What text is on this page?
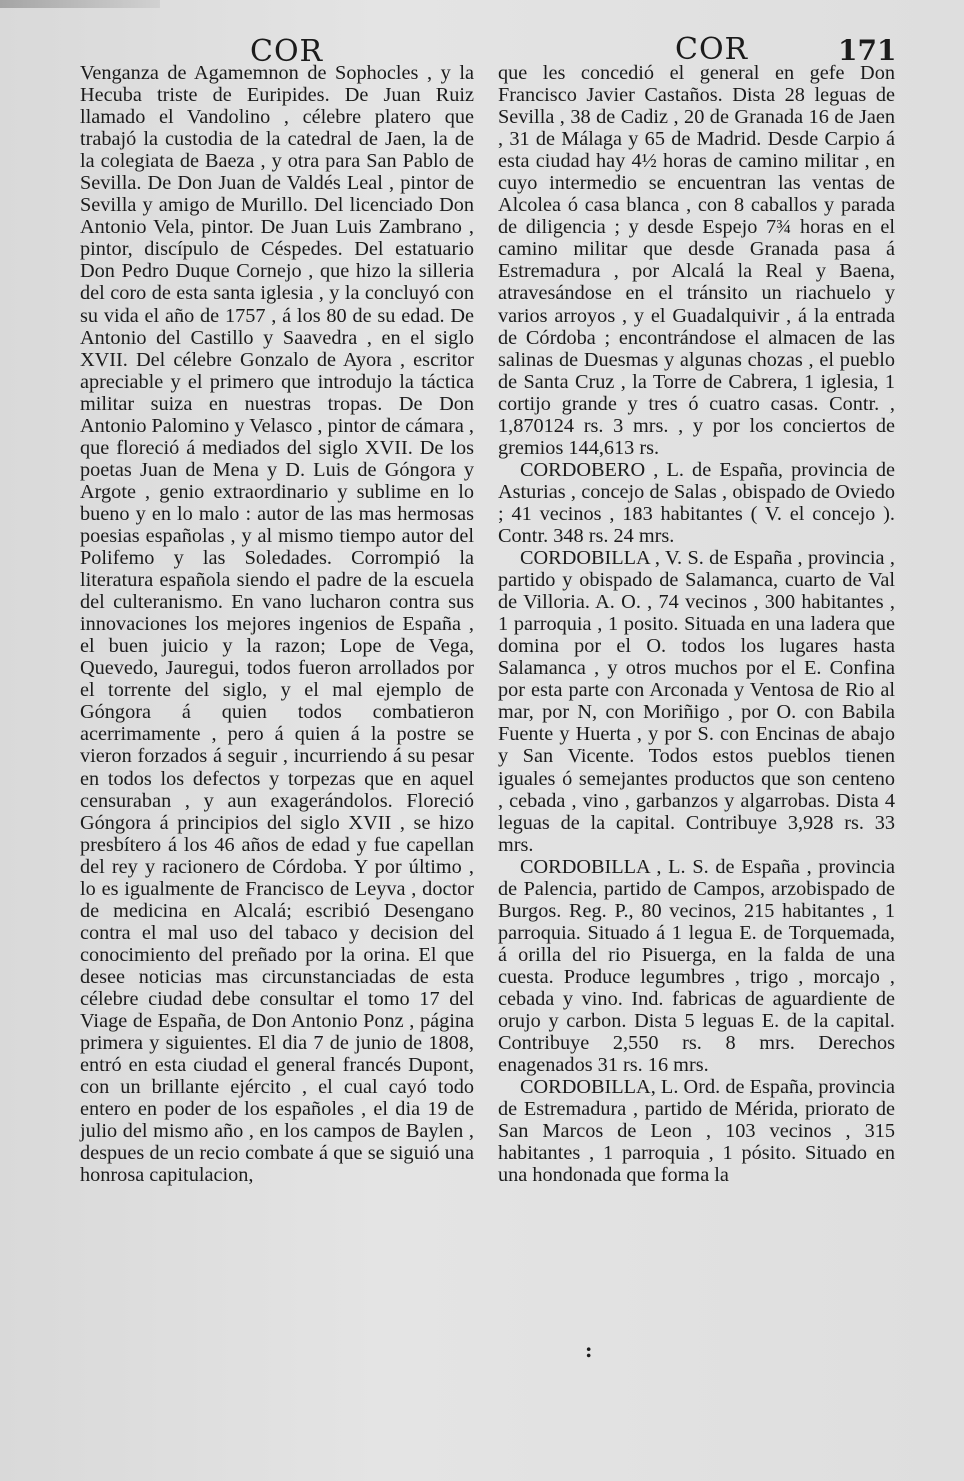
COR	COR	171

Venganza de Agamemnon de Sophocles , y la Hecuba triste de Euripides. De Juan Ruiz llamado el Vandolino , célebre platero que trabajó la custodia de la catedral de Jaen, la de la colegiata de Baeza , y otra para San Pablo de Sevilla. De Don Juan de Valdés Leal , pintor de Sevilla y amigo de Murillo. Del licenciado Don Antonio Vela, pintor. De Juan Luis Zambrano , pintor, discípulo de Céspedes. Del estatuario Don Pedro Duque Cornejo , que hizo la silleria del coro de esta santa iglesia , y la concluyó con su vida el año de 1757 , á los 80 de su edad. De Antonio del Castillo y Saavedra , en el siglo XVII. Del célebre Gonzalo de Ayora , escritor apreciable y el primero que introdujo la táctica militar suiza en nuestras tropas. De Don Antonio Palomino y Velasco , pintor de cámara , que floreció á mediados del siglo XVII. De los poetas Juan de Mena y D. Luis de Góngora y Argote , genio extraordinario y sublime en lo bueno y en lo malo : autor de las mas hermosas poesias españolas , y al mismo tiempo autor del Polifemo y las Soledades. Corrompió la literatura española siendo el padre de la escuela del culteranismo. En vano lucharon contra sus innovaciones los mejores ingenios de España , el buen juicio y la razon; Lope de Vega, Quevedo, Jauregui, todos fueron arrollados por el torrente del siglo, y el mal ejemplo de Góngora á quien todos combatieron acerrimamente , pero á quien á la postre se vieron forzados á seguir , incurriendo á su pesar en todos los defectos y torpezas que en aquel censuraban , y aun exagerándolos. Floreció Góngora á principios del siglo XVII , se hizo presbítero á los 46 años de edad y fue capellan del rey y racionero de Córdoba. Y por último , lo es igualmente de Francisco de Leyva , doctor de medicina en Alcalá; escribió Desengano contra el mal uso del tabaco y decision del conocimiento del preñado por la orina. El que desee noticias mas circunstanciadas de esta célebre ciudad debe consultar el tomo 17 del Viage de España, de Don Antonio Ponz , página primera y siguientes. El dia 7 de junio de 1808, entró en esta ciudad el general francés Dupont, con un brillante ejército , el cual cayó todo entero en poder de los españoles , el dia 19 de julio del mismo año , en los campos de Baylen , despues de un recio combate á que se siguió una honrosa capitulacion,

que les concedió el general en gefe Don Francisco Javier Castaños. Dista 28 leguas de Sevilla , 38 de Cadiz , 20 de Granada 16 de Jaen , 31 de Málaga y 65 de Madrid. Desde Carpio á esta ciudad hay 4½ horas de camino militar , en cuyo intermedio se encuentran las ventas de Alcolea ó casa blanca , con 8 caballos y parada de diligencia ; y desde Espejo 7¾ horas en el camino militar que desde Granada pasa á Estremadura , por Alcalá la Real y Baena, atravesándose en el tránsito un riachuelo y varios arroyos , y el Guadalquivir , á la entrada de Córdoba ; encontrándose el almacen de las salinas de Duesmas y algunas chozas , el pueblo de Santa Cruz , la Torre de Cabrera, 1 iglesia, 1 cortijo grande y tres ó cuatro casas. Contr. , 1,870124 rs. 3 mrs. , y por los conciertos de gremios 144,613 rs.

CORDOBERO , L. de España, provincia de Asturias , concejo de Salas , obispado de Oviedo ; 41 vecinos , 183 habitantes ( V. el concejo ). Contr. 348 rs. 24 mrs.

CORDOBILLA , V. S. de España , provincia , partido y obispado de Salamanca, cuarto de Val de Villoria. A. O. , 74 vecinos , 300 habitantes , 1 parroquia , 1 posito. Situada en una ladera que domina por el O. todos los lugares hasta Salamanca , y otros muchos por el E. Confina por esta parte con Arconada y Ventosa de Rio al mar, por N, con Moriñigo , por O. con Babila Fuente y Huerta , y por S. con Encinas de abajo y San Vicente. Todos estos pueblos tienen iguales ó semejantes productos que son centeno , cebada , vino , garbanzos y algarrobas. Dista 4 leguas de la capital. Contribuye 3,928 rs. 33 mrs.

CORDOBILLA , L. S. de España , provincia de Palencia, partido de Campos, arzobispado de Burgos. Reg. P., 80 vecinos, 215 habitantes , 1 parroquia. Situado á 1 legua E. de Torquemada, á orilla del rio Pisuerga, en la falda de una cuesta. Produce legumbres , trigo , morcajo , cebada y vino. Ind. fabricas de aguardiente de orujo y carbon. Dista 5 leguas E. de la capital. Contribuye 2,550 rs. 8 mrs. Derechos enagenados 31 rs. 16 mrs.

CORDOBILLA, L. Ord. de España, provincia de Estremadura , partido de Mérida, priorato de San Marcos de Leon , 103 vecinos , 315 habitantes , 1 parroquia , 1 pósito. Situado en una hondonada que forma la

:
